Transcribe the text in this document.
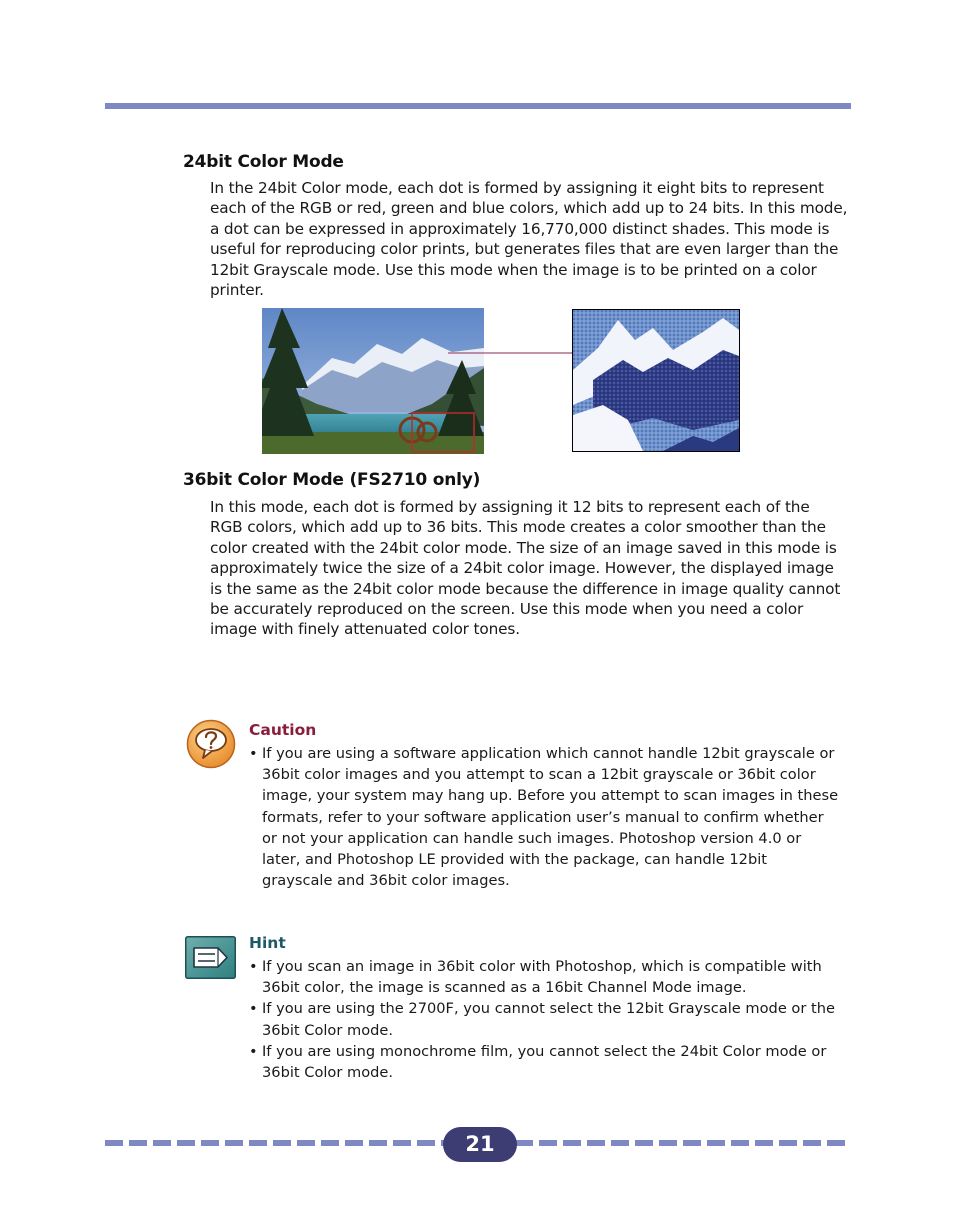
24bit Color Mode
In the 24bit Color mode, each dot is formed by assigning it eight bits to represent
each of the RGB or red, green and blue colors, which add up to 24 bits. In this mode,
a dot can be expressed in approximately 16,770,000 distinct shades. This mode is
useful for reproducing color prints, but generates files that are even larger than the
12bit Grayscale mode. Use this mode when the image is to be printed on a color
printer.
36bit Color Mode (FS2710 only)
In this mode, each dot is formed by assigning it 12 bits to represent each of the
RGB colors, which add up to 36 bits. This mode creates a color smoother than the
color created with the 24bit color mode. The size of an image saved in this mode is
approximately twice the size of a 24bit color image. However, the displayed image
is the same as the 24bit color mode because the difference in image quality cannot
be accurately reproduced on the screen. Use this mode when you need a color
image with finely attenuated color tones.
Caution
• If you are using a software application which cannot handle 12bit grayscale or
36bit color images and you attempt to scan a 12bit grayscale or 36bit color
image, your system may hang up. Before you attempt to scan images in these
formats, refer to your software application user’s manual to confirm whether
or not your application can handle such images. Photoshop version 4.0 or
later, and Photoshop LE provided with the package, can handle 12bit
grayscale and 36bit color images.
Hint
• If you scan an image in 36bit color with Photoshop, which is compatible with
36bit color, the image is scanned as a 16bit Channel Mode image.
• If you are using the 2700F, you cannot select the 12bit Grayscale mode or the
36bit Color mode.
• If you are using monochrome film, you cannot select the 24bit Color mode or
36bit Color mode.
21
